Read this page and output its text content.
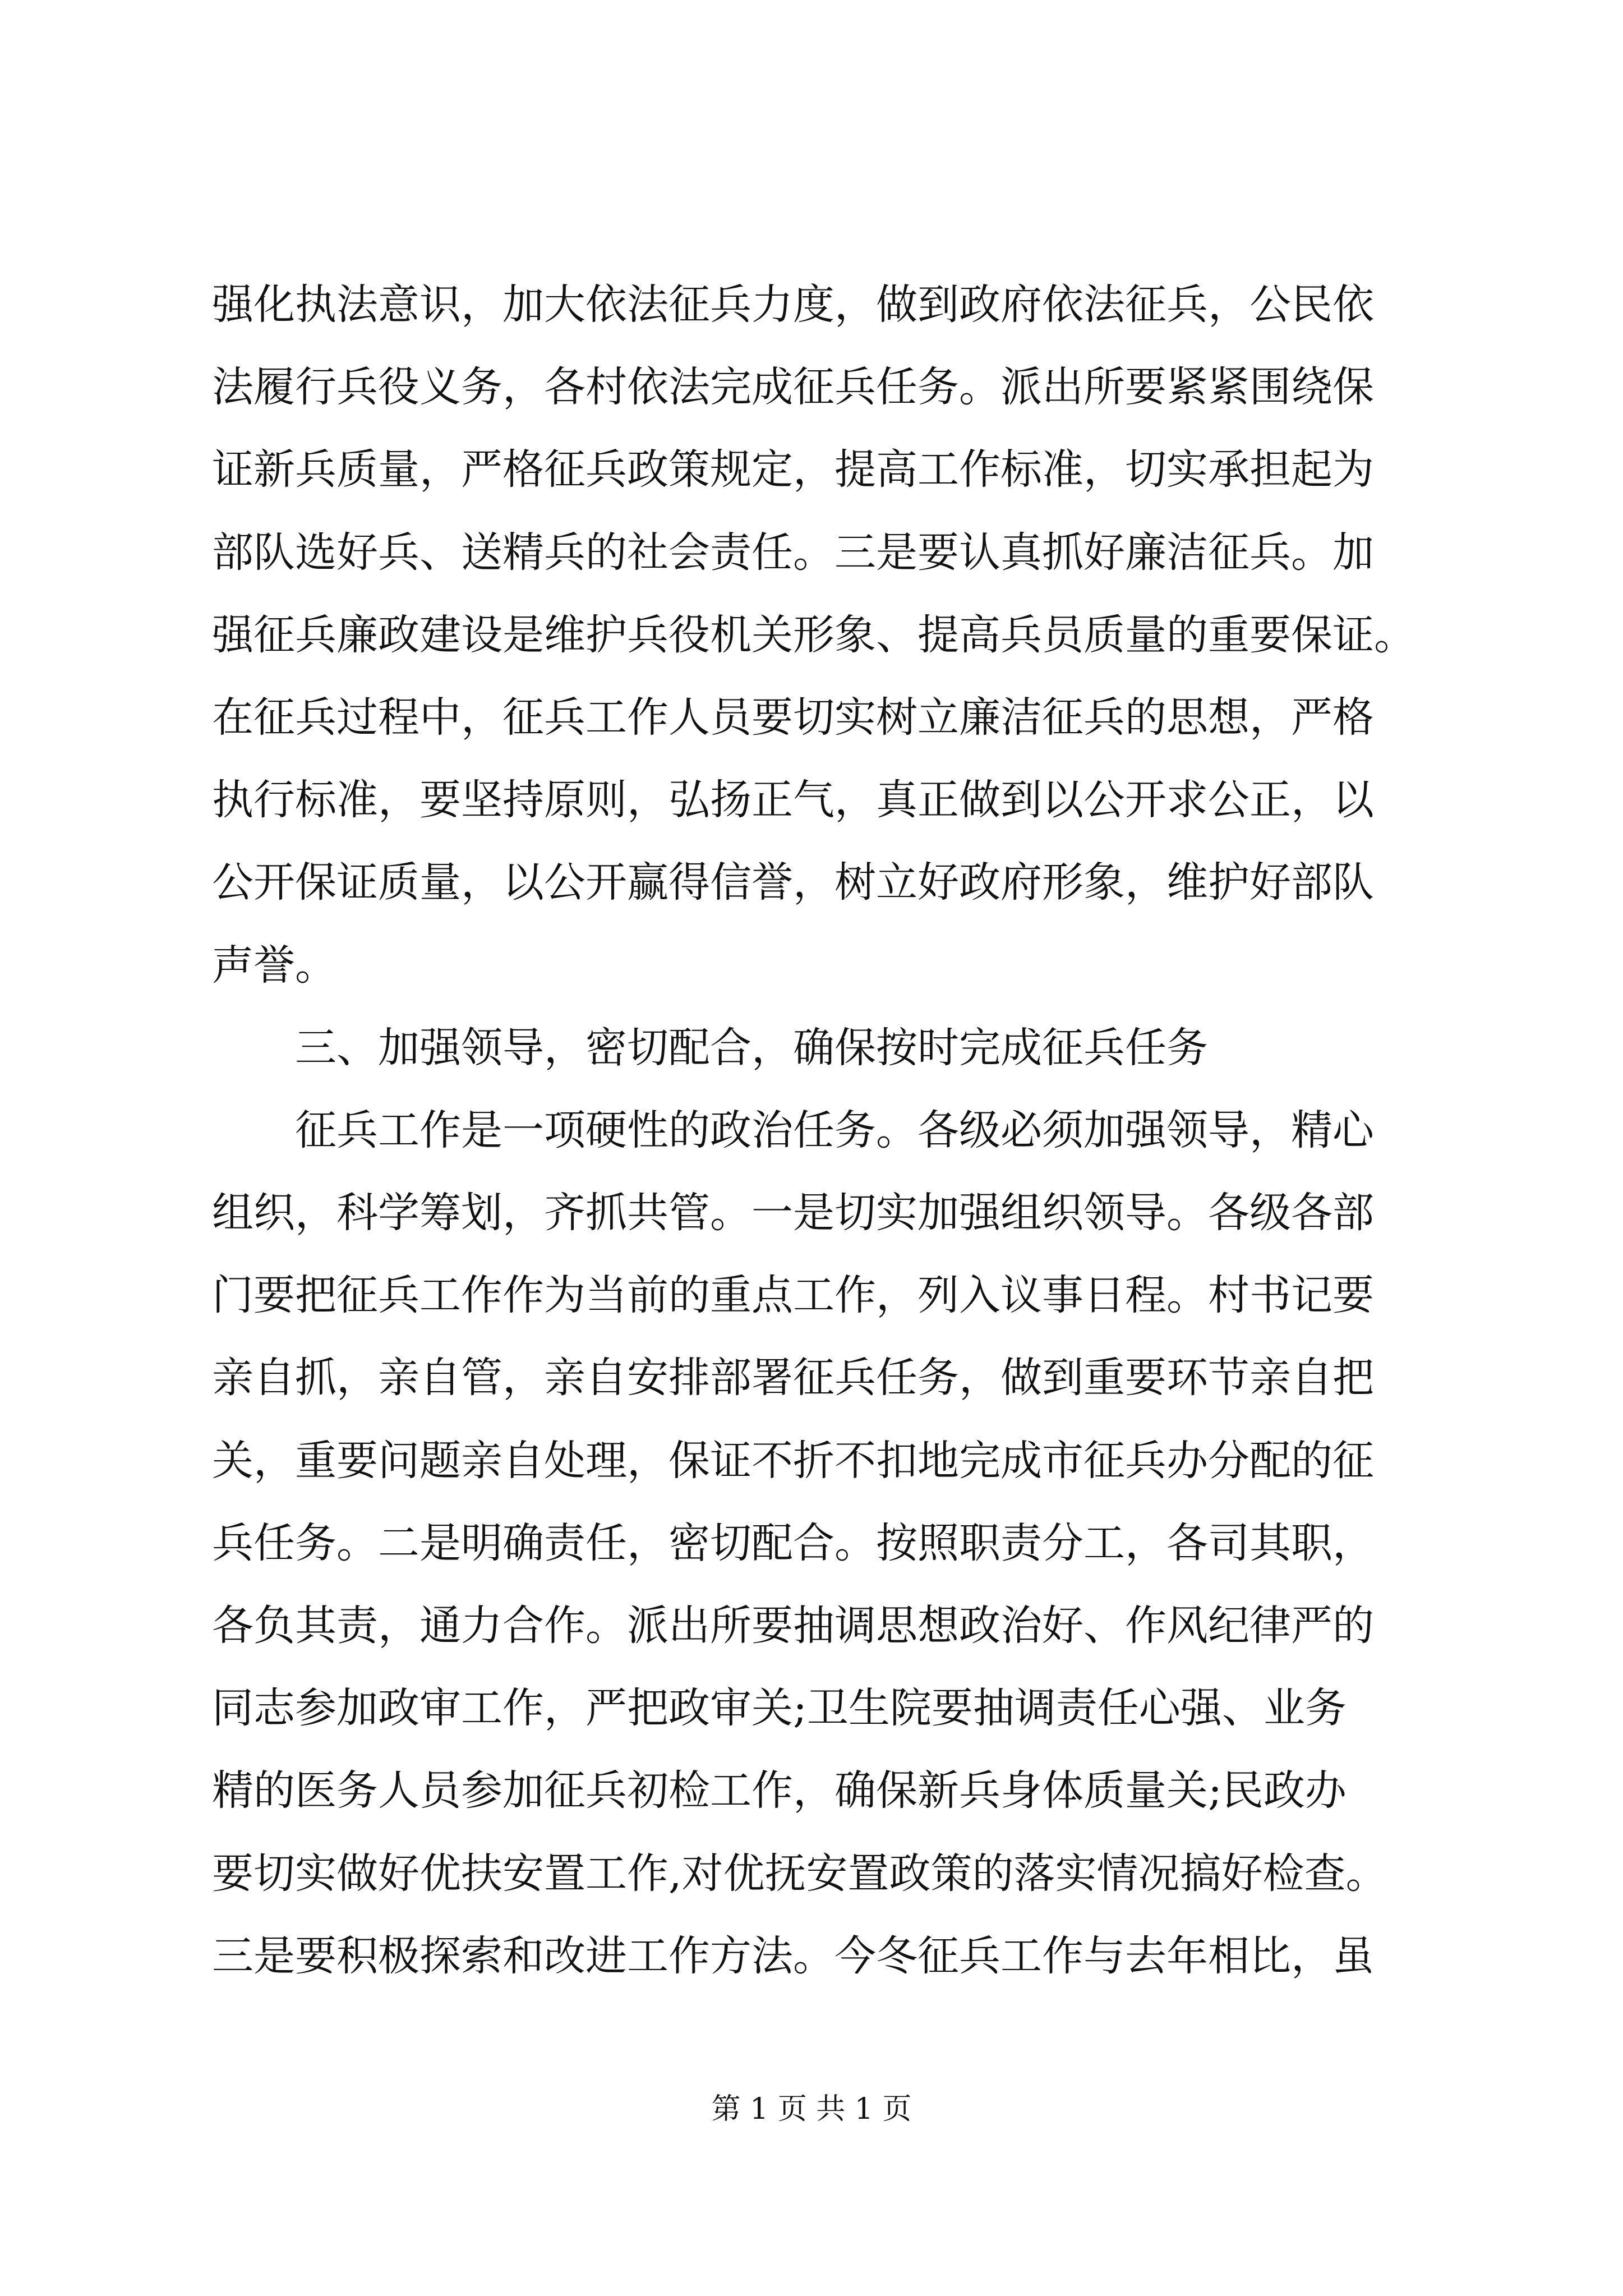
强化执法意识，加大依法征兵力度，做到政府依法征兵，公民依
法履行兵役义务，各村依法完成征兵任务。派出所要紧紧围绕保
证新兵质量，严格征兵政策规定，提高工作标准，切实承担起为
部队选好兵、送精兵的社会责任。三是要认真抓好廉洁征兵。加
强征兵廉政建设是维护兵役机关形象、提高兵员质量的重要保证。
在征兵过程中，征兵工作人员要切实树立廉洁征兵的思想，严格
执行标准，要坚持原则，弘扬正气，真正做到以公开求公正，以
公开保证质量，以公开赢得信誉，树立好政府形象，维护好部队
声誉。
三、加强领导，密切配合，确保按时完成征兵任务
征兵工作是一项硬性的政治任务。各级必须加强领导，精心
组织，科学筹划，齐抓共管。一是切实加强组织领导。各级各部
门要把征兵工作作为当前的重点工作，列入议事日程。村书记要
亲自抓，亲自管，亲自安排部署征兵任务，做到重要环节亲自把
关，重要问题亲自处理，保证不折不扣地完成市征兵办分配的征
兵任务。二是明确责任，密切配合。按照职责分工，各司其职，
各负其责，通力合作。派出所要抽调思想政治好、作风纪律严的
同志参加政审工作，严把政审关;卫生院要抽调责任心强、业务
精的医务人员参加征兵初检工作，确保新兵身体质量关;民政办
要切实做好优扶安置工作,对优抚安置政策的落实情况搞好检查。
三是要积极探索和改进工作方法。今冬征兵工作与去年相比，虽
第 1 页 共 1 页
